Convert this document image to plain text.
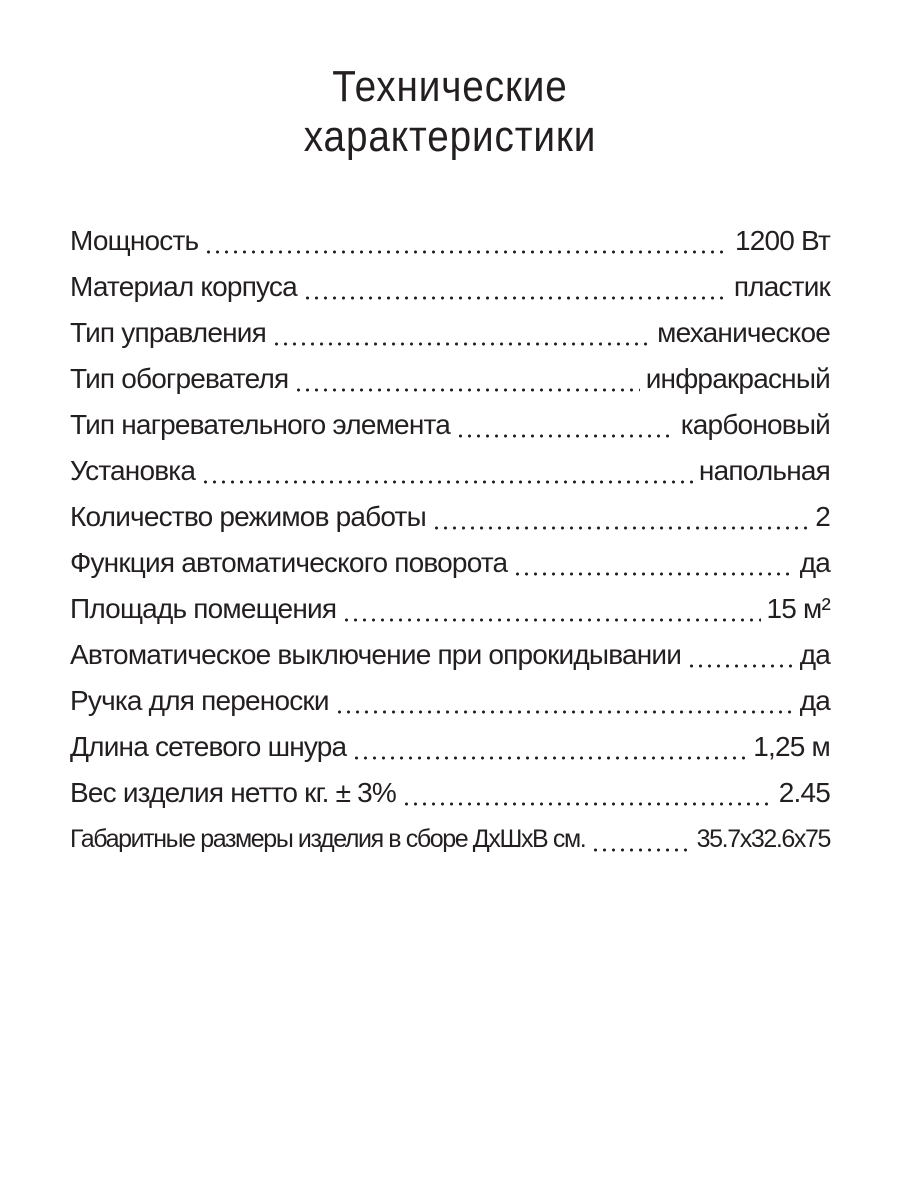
Технические
характеристики
Мощность	1200 Вт
Материал корпуса	пластик
Тип управления	механическое
Тип обогревателя	инфракрасный
Тип нагревательного элемента	карбоновый
Установка	напольная
Количество режимов работы	2
Функция автоматического поворота	да
Площадь помещения	15 м²
Автоматическое выключение при опрокидывании	да
Ручка для переноски	да
Длина сетевого шнура	1,25 м
Вес изделия нетто кг. ± 3%	2.45
Габаритные размеры изделия в сборе ДхШхВ см.	35.7x32.6x75
